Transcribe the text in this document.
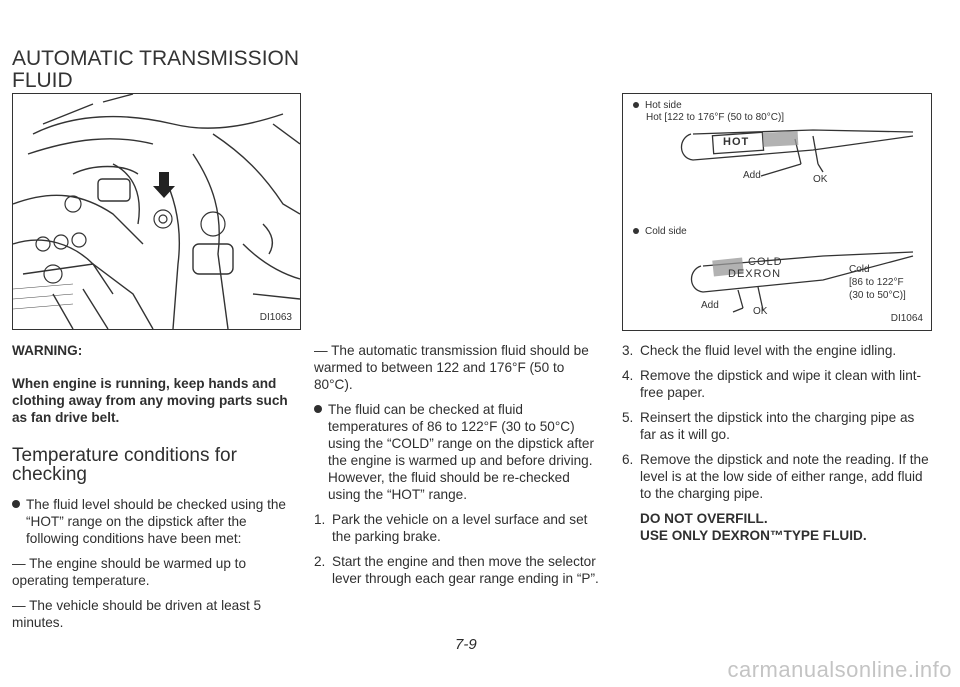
AUTOMATIC TRANSMISSION FLUID
DI1063
Hot side
Hot [122 to 176°F (50 to 80°C)]
HOT
Add	OK
Cold side
COLD
DEXRON	Cold
[86 to 122°F
(30 to 50°C)]
Add
OK
DI1064

WARNING:

When engine is running, keep hands and clothing away from any moving parts such as fan drive belt.

Temperature conditions for checking

The fluid level should be checked using the “HOT” range on the dipstick after the following conditions have been met:

— The engine should be warmed up to operating temperature.

— The vehicle should be driven at least 5 minutes.

— The automatic transmission fluid should be warmed to between 122 and 176°F (50 to 80°C).

The fluid can be checked at fluid temperatures of 86 to 122°F (30 to 50°C) using the “COLD” range on the dipstick after the engine is warmed up and before driving. However, the fluid should be re-checked using the “HOT” range.

1. Park the vehicle on a level surface and set the parking brake.

2. Start the engine and then move the selector lever through each gear range ending in “P”.

3. Check the fluid level with the engine idling.

4. Remove the dipstick and wipe it clean with lint-free paper.

5. Reinsert the dipstick into the charging pipe as far as it will go.

6. Remove the dipstick and note the reading. If the level is at the low side of either range, add fluid to the charging pipe.

DO NOT OVERFILL.

USE ONLY DEXRON™TYPE FLUID.

7-9
carmanualsonline.info
